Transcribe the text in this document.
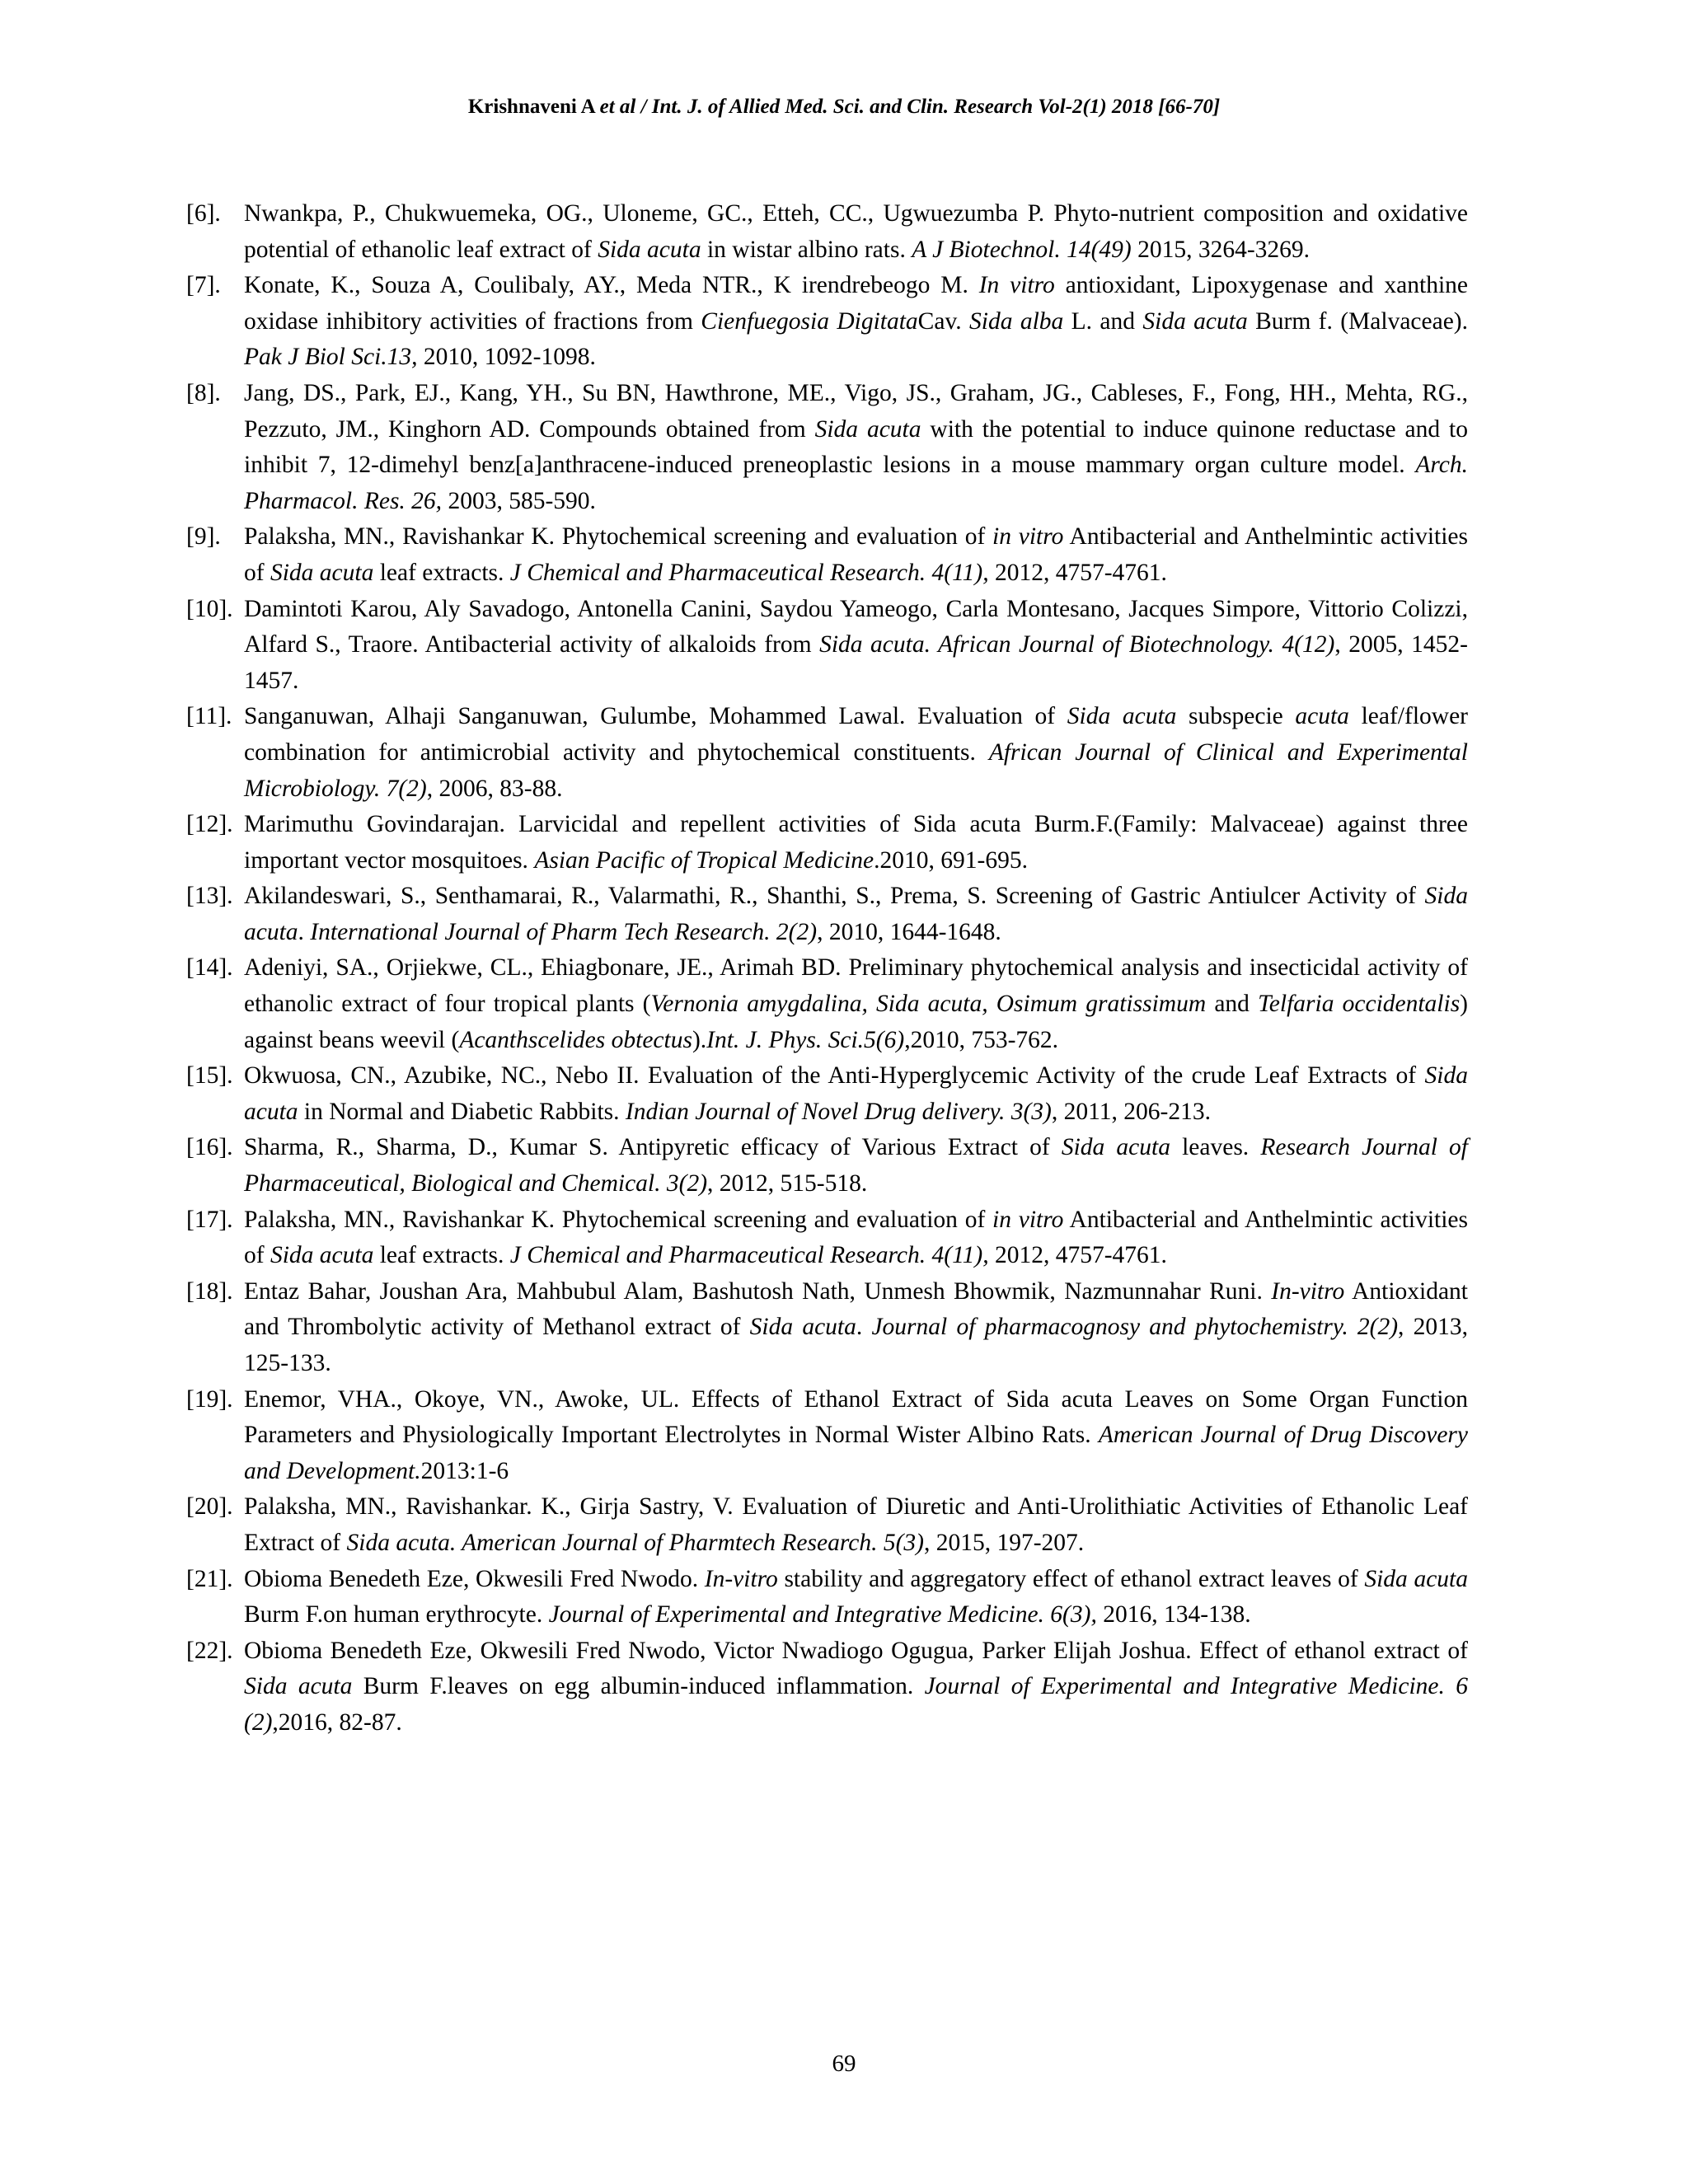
Krishnaveni A et al / Int. J. of Allied Med. Sci. and Clin. Research Vol-2(1) 2018 [66-70]
[6]. Nwankpa, P., Chukwuemeka, OG., Uloneme, GC., Etteh, CC., Ugwuezumba P. Phyto-nutrient composition and oxidative potential of ethanolic leaf extract of Sida acuta in wistar albino rats. A J Biotechnol. 14(49) 2015, 3264-3269.
[7]. Konate, K., Souza A, Coulibaly, AY., Meda NTR., K irendrebeogo M. In vitro antioxidant, Lipoxygenase and xanthine oxidase inhibitory activities of fractions from Cienfuegosia DigitataCav. Sida alba L. and Sida acuta Burm f. (Malvaceae). Pak J Biol Sci.13, 2010, 1092-1098.
[8]. Jang, DS., Park, EJ., Kang, YH., Su BN, Hawthrone, ME., Vigo, JS., Graham, JG., Cableses, F., Fong, HH., Mehta, RG., Pezzuto, JM., Kinghorn AD. Compounds obtained from Sida acuta with the potential to induce quinone reductase and to inhibit 7, 12-dimehyl benz[a]anthracene-induced preneoplastic lesions in a mouse mammary organ culture model. Arch. Pharmacol. Res. 26, 2003, 585-590.
[9]. Palaksha, MN., Ravishankar K. Phytochemical screening and evaluation of in vitro Antibacterial and Anthelmintic activities of Sida acuta leaf extracts. J Chemical and Pharmaceutical Research. 4(11), 2012, 4757-4761.
[10]. Damintoti Karou, Aly Savadogo, Antonella Canini, Saydou Yameogo, Carla Montesano, Jacques Simpore, Vittorio Colizzi, Alfard S., Traore. Antibacterial activity of alkaloids from Sida acuta. African Journal of Biotechnology. 4(12), 2005, 1452-1457.
[11]. Sanganuwan, Alhaji Sanganuwan, Gulumbe, Mohammed Lawal. Evaluation of Sida acuta subspecie acuta leaf/flower combination for antimicrobial activity and phytochemical constituents. African Journal of Clinical and Experimental Microbiology. 7(2), 2006, 83-88.
[12]. Marimuthu Govindarajan. Larvicidal and repellent activities of Sida acuta Burm.F.(Family: Malvaceae) against three important vector mosquitoes. Asian Pacific of Tropical Medicine.2010, 691-695.
[13]. Akilandeswari, S., Senthamarai, R., Valarmathi, R., Shanthi, S., Prema, S. Screening of Gastric Antiulcer Activity of Sida acuta. International Journal of Pharm Tech Research. 2(2), 2010, 1644-1648.
[14]. Adeniyi, SA., Orjiekwe, CL., Ehiagbonare, JE., Arimah BD. Preliminary phytochemical analysis and insecticidal activity of ethanolic extract of four tropical plants (Vernonia amygdalina, Sida acuta, Osimum gratissimum and Telfaria occidentalis) against beans weevil (Acanthscelides obtectus).Int. J. Phys. Sci.5(6),2010, 753-762.
[15]. Okwuosa, CN., Azubike, NC., Nebo II. Evaluation of the Anti-Hyperglycemic Activity of the crude Leaf Extracts of Sida acuta in Normal and Diabetic Rabbits. Indian Journal of Novel Drug delivery. 3(3), 2011, 206-213.
[16]. Sharma, R., Sharma, D., Kumar S. Antipyretic efficacy of Various Extract of Sida acuta leaves. Research Journal of Pharmaceutical, Biological and Chemical. 3(2), 2012, 515-518.
[17]. Palaksha, MN., Ravishankar K. Phytochemical screening and evaluation of in vitro Antibacterial and Anthelmintic activities of Sida acuta leaf extracts. J Chemical and Pharmaceutical Research. 4(11), 2012, 4757-4761.
[18]. Entaz Bahar, Joushan Ara, Mahbubul Alam, Bashutosh Nath, Unmesh Bhowmik, Nazmunnahar Runi. In-vitro Antioxidant and Thrombolytic activity of Methanol extract of Sida acuta. Journal of pharmacognosy and phytochemistry. 2(2), 2013, 125-133.
[19]. Enemor, VHA., Okoye, VN., Awoke, UL. Effects of Ethanol Extract of Sida acuta Leaves on Some Organ Function Parameters and Physiologically Important Electrolytes in Normal Wister Albino Rats. American Journal of Drug Discovery and Development.2013:1-6
[20]. Palaksha, MN., Ravishankar. K., Girja Sastry, V. Evaluation of Diuretic and Anti-Urolithiatic Activities of Ethanolic Leaf Extract of Sida acuta. American Journal of Pharmtech Research. 5(3), 2015, 197-207.
[21]. Obioma Benedeth Eze, Okwesili Fred Nwodo. In-vitro stability and aggregatory effect of ethanol extract leaves of Sida acuta Burm F.on human erythrocyte. Journal of Experimental and Integrative Medicine. 6(3), 2016, 134-138.
[22]. Obioma Benedeth Eze, Okwesili Fred Nwodo, Victor Nwadiogo Ogugua, Parker Elijah Joshua. Effect of ethanol extract of Sida acuta Burm F.leaves on egg albumin-induced inflammation. Journal of Experimental and Integrative Medicine. 6 (2),2016, 82-87.
69
